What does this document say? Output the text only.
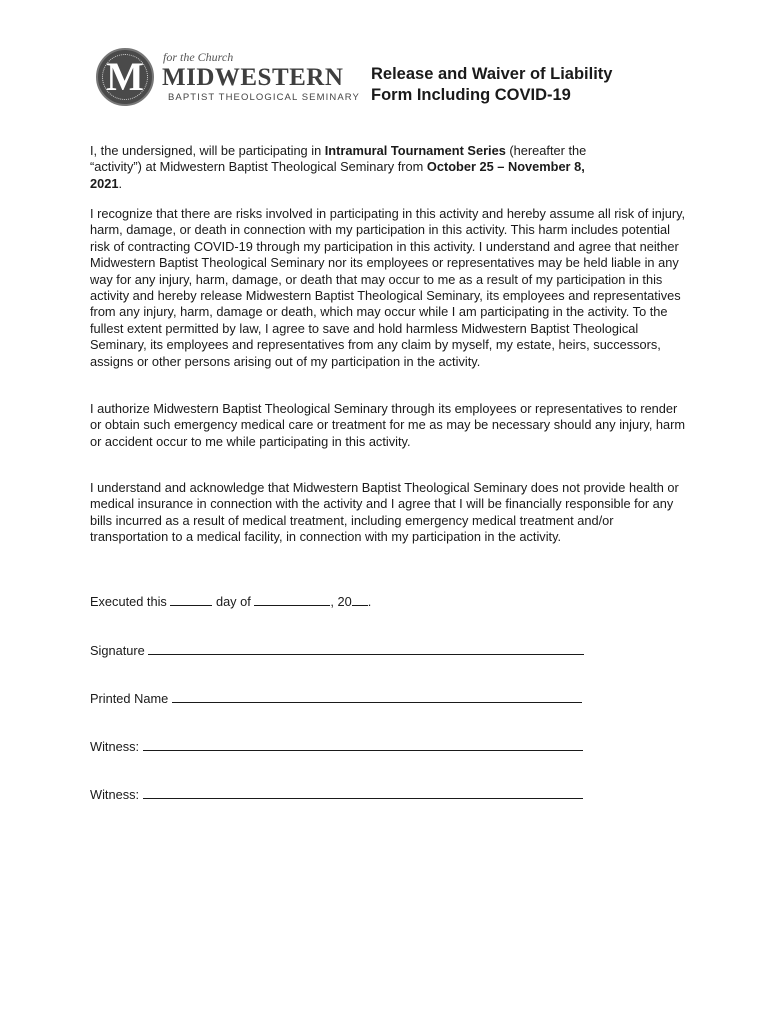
M for the Church
MIDWESTERN
BAPTIST THEOLOGICAL SEMINARY
Release and Waiver of Liability
Form Including COVID-19

I, the undersigned, will be participating in Intramural Tournament Series (hereafter the “activity”) at Midwestern Baptist Theological Seminary from October 25 – November 8, 2021.

I recognize that there are risks involved in participating in this activity and hereby assume all risk of injury, harm, damage, or death in connection with my participation in this activity. This harm includes potential risk of contracting COVID-19 through my participation in this activity. I understand and agree that neither Midwestern Baptist Theological Seminary nor its employees or representatives may be held liable in any way for any injury, harm, damage, or death that may occur to me as a result of my participation in this activity and hereby release Midwestern Baptist Theological Seminary, its employees and representatives from any injury, harm, damage or death, which may occur while I am participating in the activity. To the fullest extent permitted by law, I agree to save and hold harmless Midwestern Baptist Theological Seminary, its employees and representatives from any claim by myself, my estate, heirs, successors, assigns or other persons arising out of my participation in the activity.

I authorize Midwestern Baptist Theological Seminary through its employees or representatives to render or obtain such emergency medical care or treatment for me as may be necessary should any injury, harm or accident occur to me while participating in this activity.

I understand and acknowledge that Midwestern Baptist Theological Seminary does not provide health or medical insurance in connection with the activity and I agree that I will be financially responsible for any bills incurred as a result of medical treatment, including emergency medical treatment and/or transportation to a medical facility, in connection with my participation in the activity.

Executed this	day of	, 20 .
Signature
Printed Name
Witness:
Witness:
